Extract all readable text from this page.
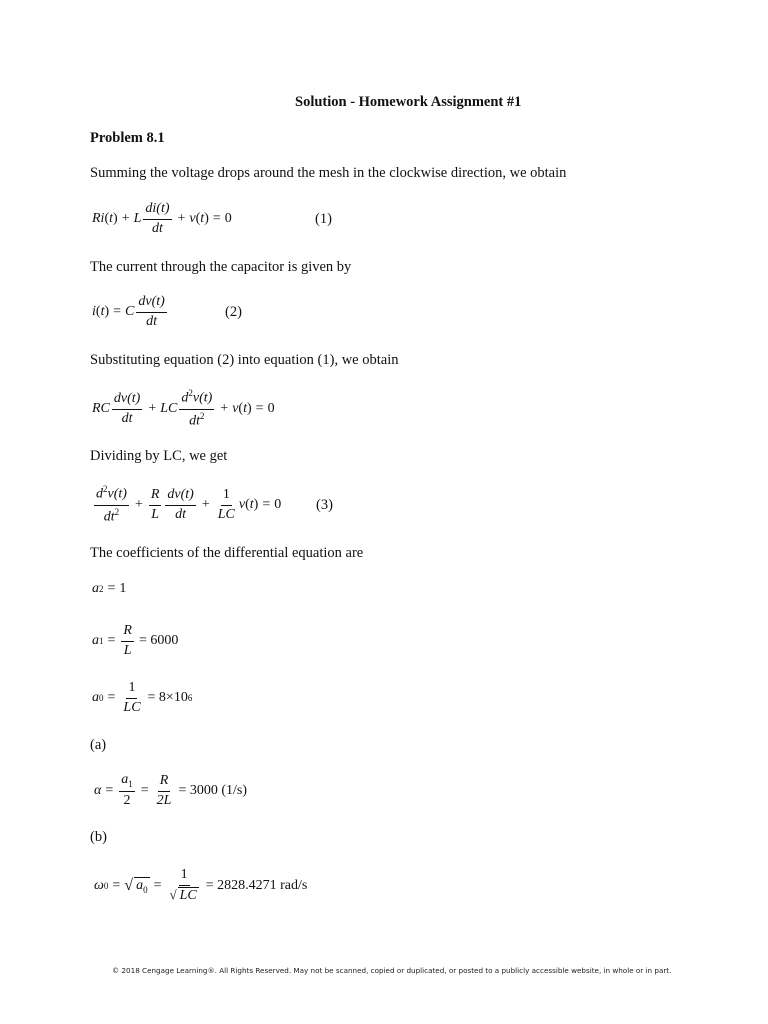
Solution - Homework Assignment #1
Problem 8.1
Summing the voltage drops around the mesh in the clockwise direction, we obtain
Ri ( t ) + L $\frac{di(t)}{dt} + v$ ( t ) = 0	(1)
The current through the capacitor is given by
i ( t ) = C $\frac{dv(t)}{dt}$	(2)
Substituting equation (2) into equation (1), we obtain
RC $\frac{dv(t)}{dt}$ + LC $\frac{d^2v(t)}{dt^2} + v$ ( t ) = 0
Dividing by LC, we get
$\frac{d^2v(t)}{dt^2} + \frac{R}{L} \frac{dv(t)}{dt} + \frac{1}{LC}$ v ( t ) = 0 (3)
The coefficients of the differential equation are
a 2 = 1
a $1 = \frac{R}{L} = 6000$
a $0 = \frac{1}{LC} = 8\times 10$ 6
(a)
$\alpha = \frac{a_1}{2} = \frac{R}{2L} = 3000$ (1/s)
(b)
ω 0 = √ $a_0 = \frac{1}{√ LC} = 2828.4271$ rad/s
© 2018 Cengage Learning®. All Rights Reserved. May not be scanned, copied or duplicated, or posted to a publicly accessible website, in whole or in part.
